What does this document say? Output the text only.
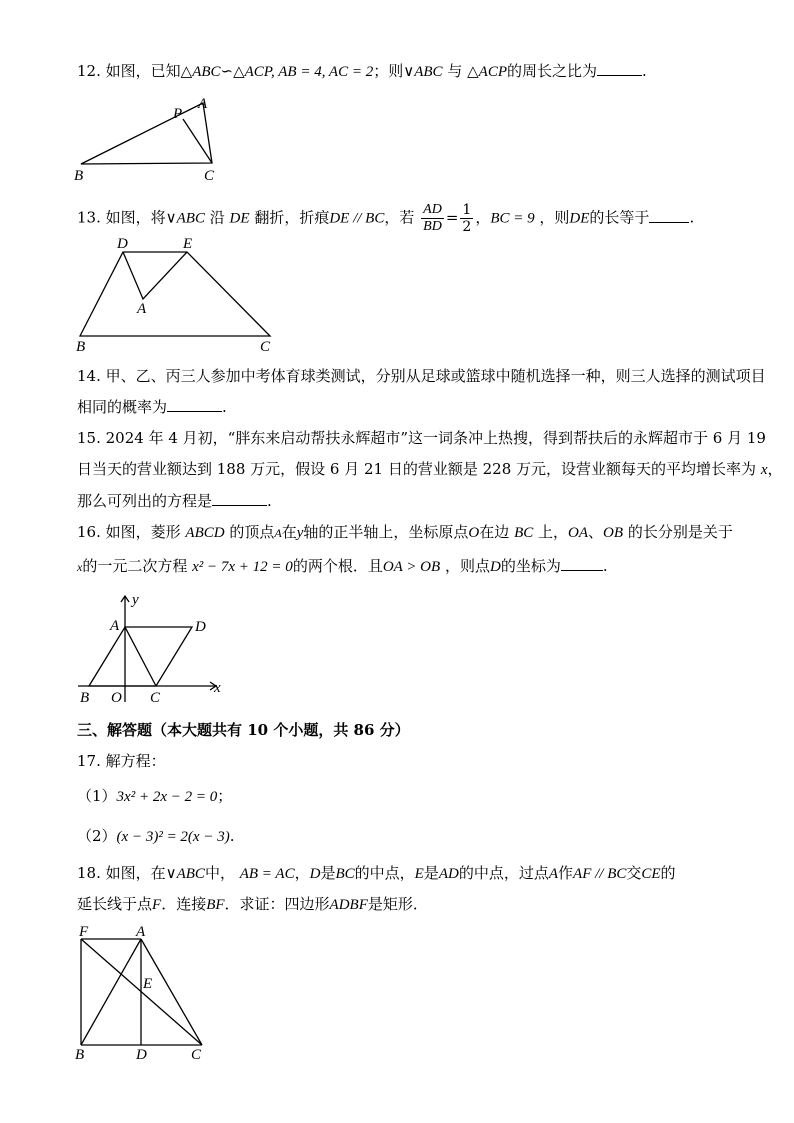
12. 如图，已知△ABC∽△ACP, AB = 4, AC = 2；则∨ABC 与 △ACP的周长之比为	.
A
P
B	C
13. 如图，将∨ABC 沿 DE 翻折，折痕DE // BC，若 $\frac{AD}{BD} = \frac{1}{2}$ ，BC = 9 ，则DE的长等于	.
D	E
A
B	C
14. 甲、乙、丙三人参加中考体育球类测试，分别从足球或篮球中随机选择一种，则三人选择的测试项目
相同的概率为	.
15. 2024 年 4 月初，“胖东来启动帮扶永辉超市”这一词条冲上热搜，得到帮扶后的永辉超市于 6 月 19
日当天的营业额达到 188 万元，假设 6 月 21 日的营业额是 228 万元，设营业额每天的平均增长率为 x，
那么可列出的方程是	.
16. 如图，菱形 ABCD 的顶点A在y轴的正半轴上，坐标原点O在边 BC 上，OA、OB 的长分别是关于
x的一元二次方程 x² − 7x + 12 = 0的两个根．且OA > OB ，则点D的坐标为	.
y
A	D
B O C
x
三、解答题（本大题共有 10 个小题，共 86 分）
17. 解方程：
（1）3x² + 2x − 2 = 0；
（2）(x − 3)² = 2(x − 3).
18. 如图，在∨ABC中， AB = AC，D是BC的中点，E是AD的中点，过点A作AF // BC交CE的
延长线于点F．连接BF．求证：四边形ADBF是矩形．
F	A
E
B	D	C
